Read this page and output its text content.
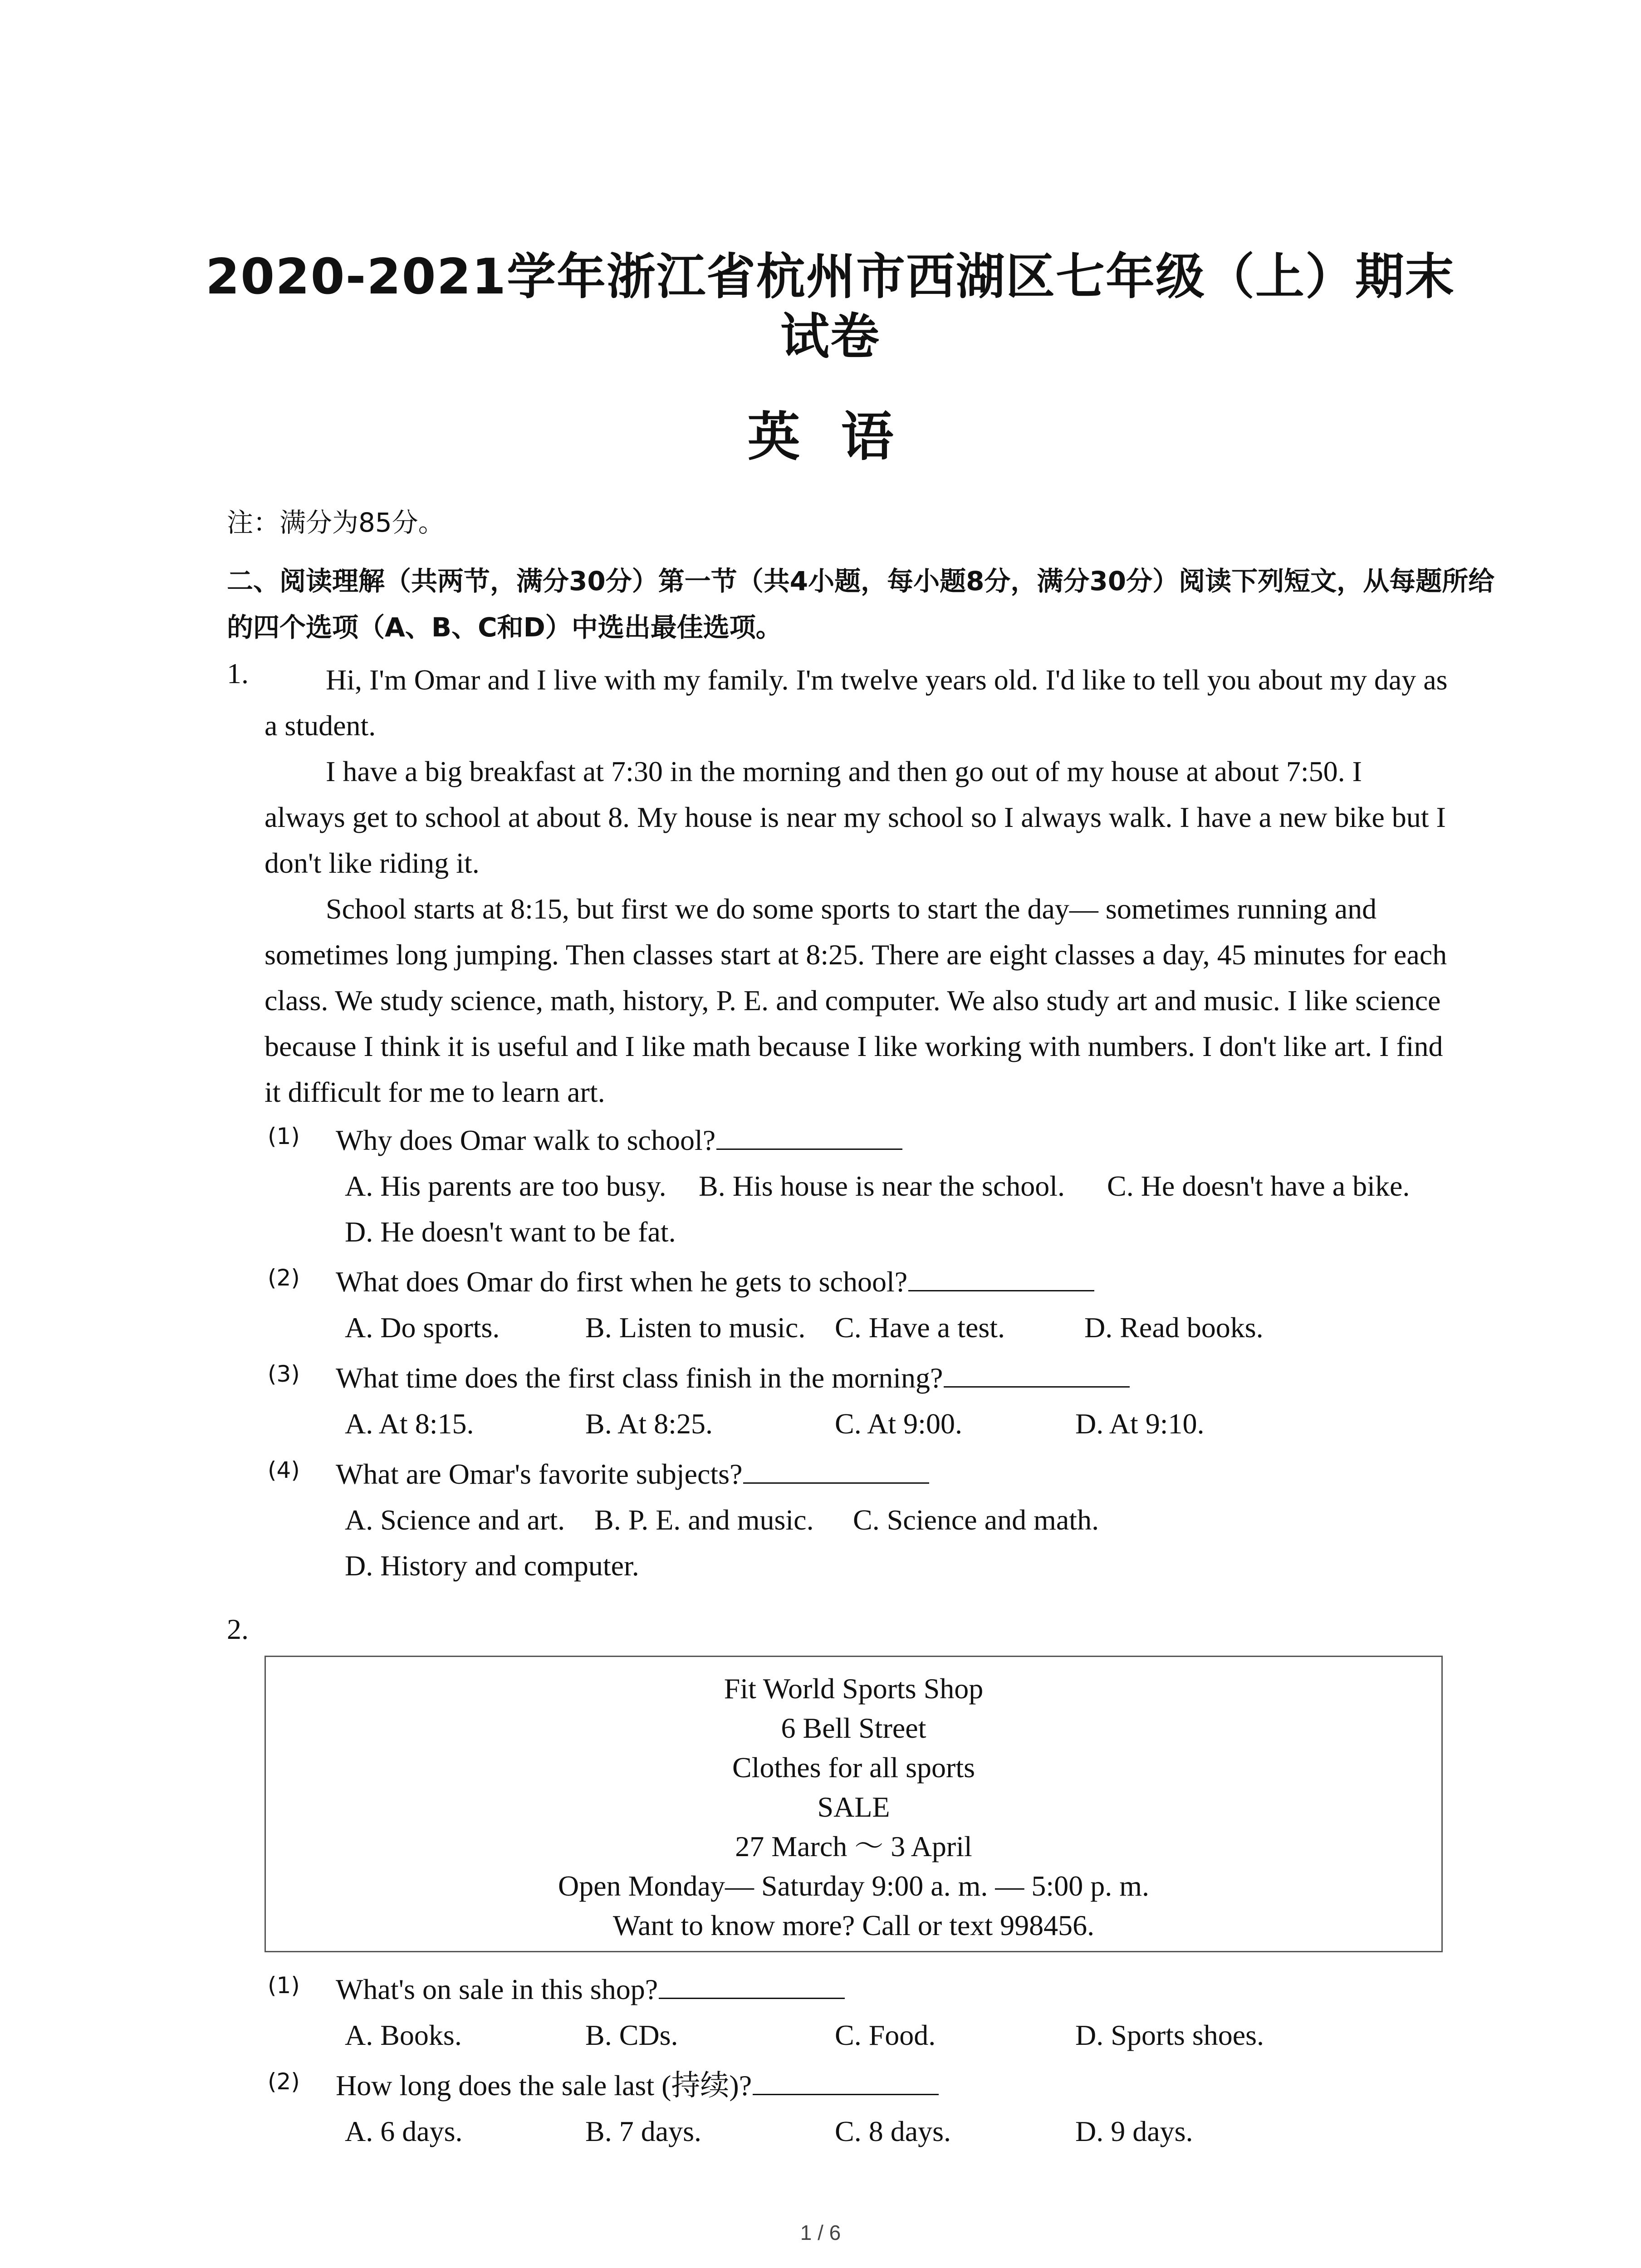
2020-2021学年浙江省杭州市西湖区七年级（上）期末试卷
英语
注：满分为85分。
二、阅读理解（共两节，满分30分）第一节（共4小题，每小题8分，满分30分）阅读下列短文，从每题所给的四个选项（A、B、C和D）中选出最佳选项。
1.	Hi, I'm Omar and I live with my family. I'm twelve years old. I'd like to tell you about my day as a student.

I have a big breakfast at 7:30 in the morning and then go out of my house at about 7:50. I always get to school at about 8. My house is near my school so I always walk. I have a new bike but I don't like riding it.

School starts at 8:15, but first we do some sports to start the day— sometimes running and sometimes long jumping. Then classes start at 8:25. There are eight classes a day, 45 minutes for each class. We study science, math, history, P. E. and computer. We also study art and music. I like science because I think it is useful and I like math because I like working with numbers. I don't like art. I find it difficult for me to learn art.

(1) Why does Omar walk to school?
A. His parents are too busy. B. His house is near the school. C. He doesn't have a bike.
D. He doesn't want to be fat.
(2) What does Omar do first when he gets to school?
A. Do sports.	B. Listen to music. C. Have a test.	D. Read books.
(3) What time does the first class finish in the morning?
A. At 8:15.	B. At 8:25.	C. At 9:00.	D. At 9:10.
(4) What are Omar's favorite subjects?
A. Science and art. B. P. E. and music. C. Science and math.
D. History and computer.
2.
Fit World Sports Shop
6 Bell Street
Clothes for all sports
SALE
27 March ～ 3 April
Open Monday— Saturday 9:00 a. m. — 5:00 p. m.
Want to know more? Call or text 998456.
(1) What's on sale in this shop?
A. Books.	B. CDs.	C. Food.	D. Sports shoes.
(2) How long does the sale last (持续)?
A. 6 days.	B. 7 days.	C. 8 days.	D. 9 days.
1 / 6
